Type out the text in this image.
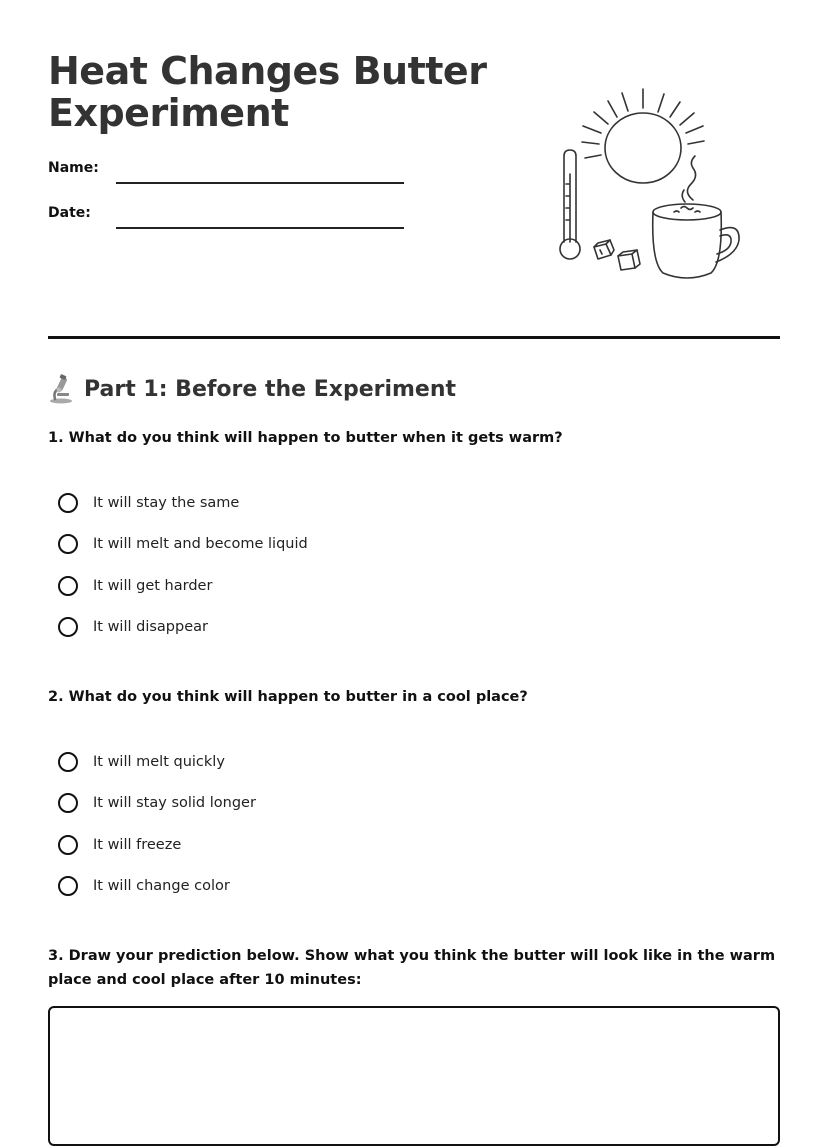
Heat Changes Butter Experiment
Name:
Date:
Part 1: Before the Experiment

1. What do you think will happen to butter when it gets warm?

It will stay the same
It will melt and become liquid
It will get harder
It will disappear

2. What do you think will happen to butter in a cool place?

It will melt quickly
It will stay solid longer
It will freeze
It will change color

3. Draw your prediction below. Show what you think the butter will look like in the warm place and cool place after 10 minutes:
